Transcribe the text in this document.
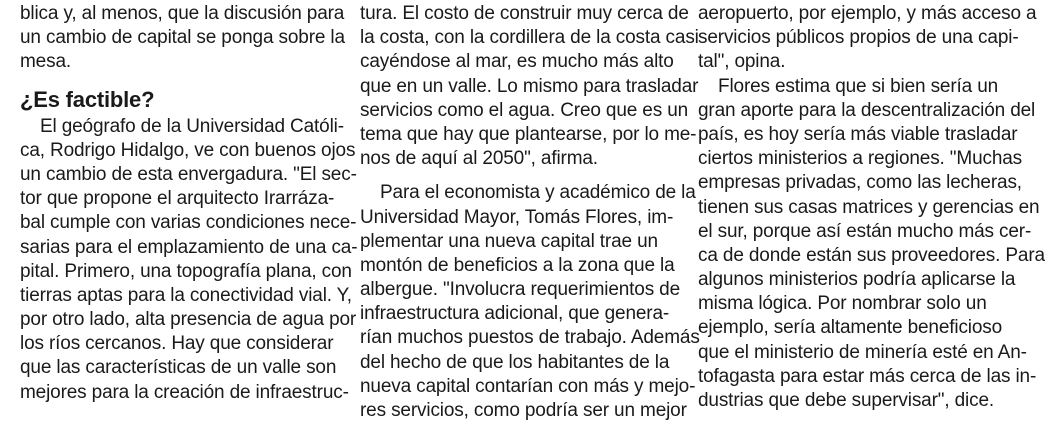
blica y, al menos, que la discusión para
un cambio de capital se ponga sobre la
mesa.
¿Es factible?
El geógrafo de la Universidad Católi-
ca, Rodrigo Hidalgo, ve con buenos ojos
un cambio de esta envergadura. "El sec-
tor que propone el arquitecto Irarráza-
bal cumple con varias condiciones nece-
sarias para el emplazamiento de una ca-
pital. Primero, una topografía plana, con
tierras aptas para la conectividad vial. Y,
por otro lado, alta presencia de agua por
los ríos cercanos. Hay que considerar
que las características de un valle son
mejores para la creación de infraestruc-
tura. El costo de construir muy cerca de
la costa, con la cordillera de la costa casi
cayéndose al mar, es mucho más alto
que en un valle. Lo mismo para trasladar
servicios como el agua. Creo que es un
tema que hay que plantearse, por lo me-
nos de aquí al 2050", afirma.
Para el economista y académico de la
Universidad Mayor, Tomás Flores, im-
plementar una nueva capital trae un
montón de beneficios a la zona que la
albergue. "Involucra requerimientos de
infraestructura adicional, que genera-
rían muchos puestos de trabajo. Además
del hecho de que los habitantes de la
nueva capital contarían con más y mejo-
res servicios, como podría ser un mejor
aeropuerto, por ejemplo, y más acceso a
servicios públicos propios de una capi-
tal", opina.
Flores estima que si bien sería un
gran aporte para la descentralización del
país, es hoy sería más viable trasladar
ciertos ministerios a regiones. "Muchas
empresas privadas, como las lecheras,
tienen sus casas matrices y gerencias en
el sur, porque así están mucho más cer-
ca de donde están sus proveedores. Para
algunos ministerios podría aplicarse la
misma lógica. Por nombrar solo un
ejemplo, sería altamente beneficioso
que el ministerio de minería esté en An-
tofagasta para estar más cerca de las in-
dustrias que debe supervisar", dice.
